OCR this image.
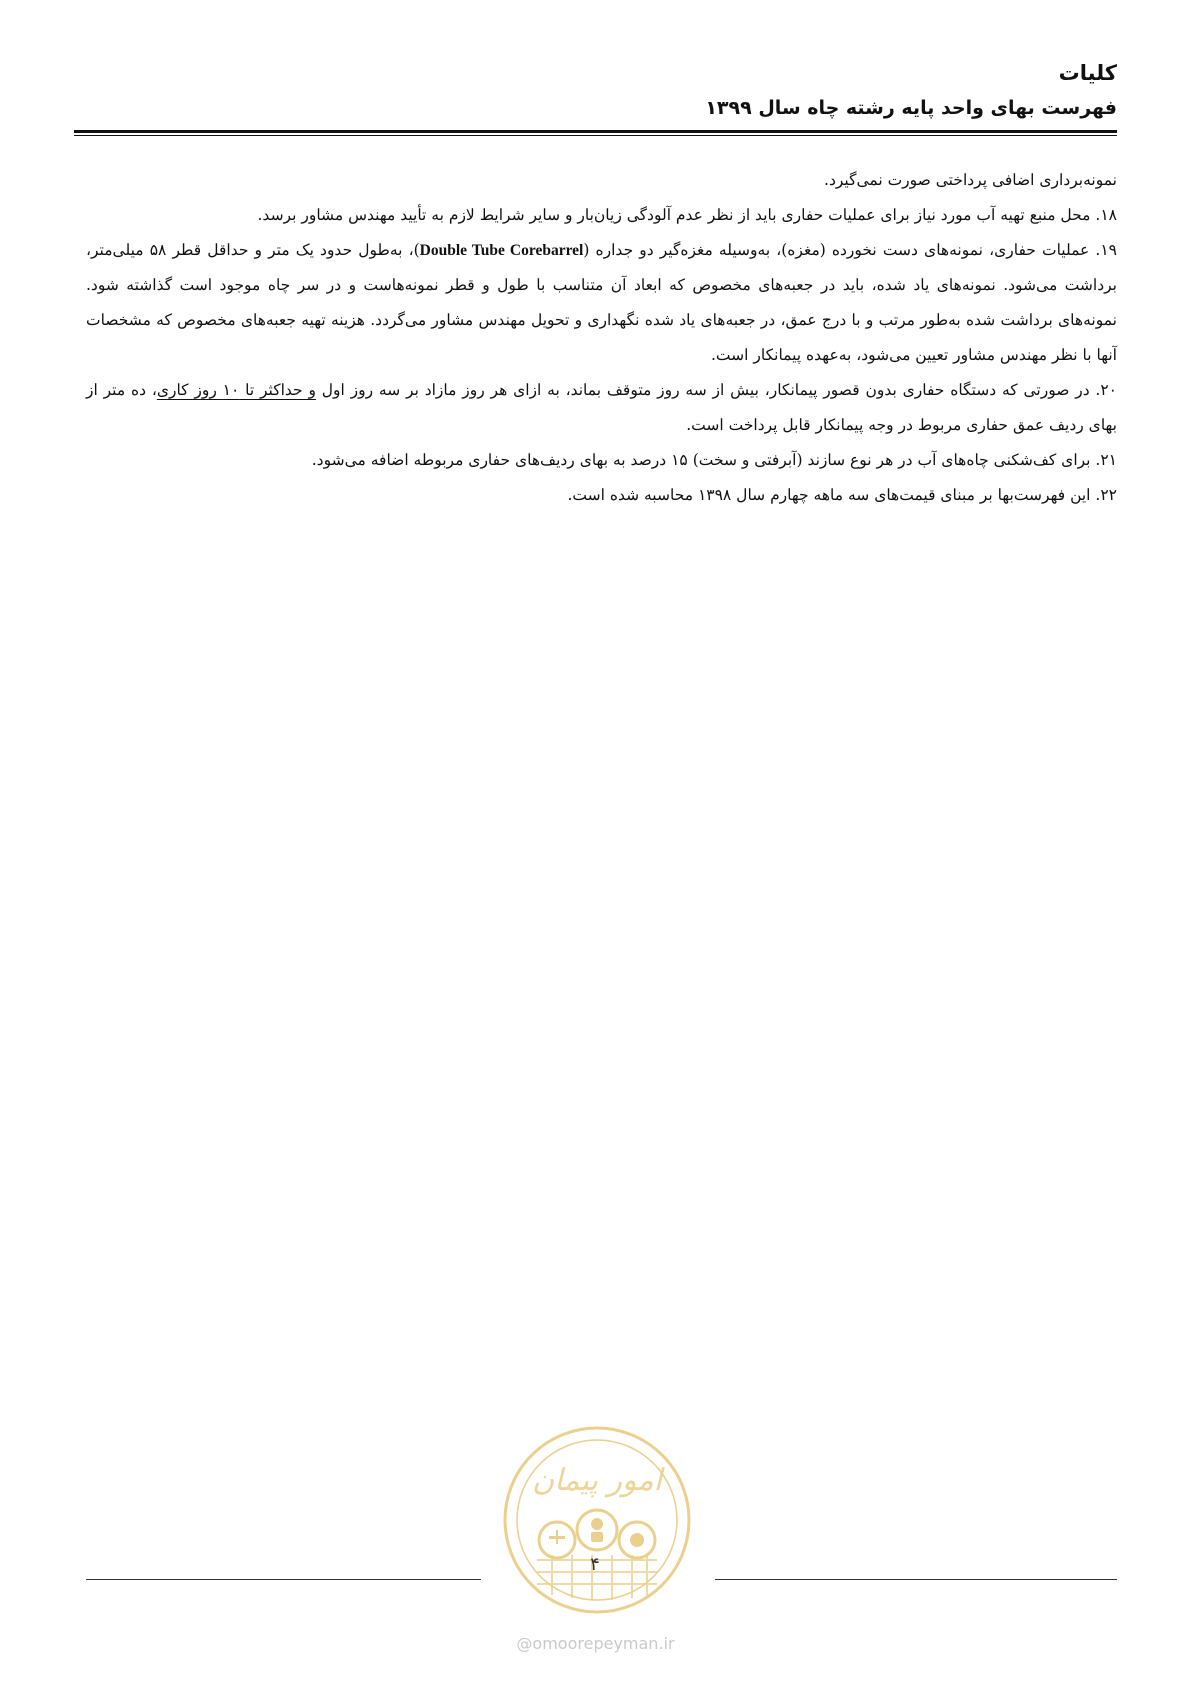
کلیات
فهرست بهای واحد پایه رشته چاه سال ۱۳۹۹

نمونه‌برداری اضافی پرداختی صورت نمی‌گیرد.

۱۸. محل منبع تهیه آب مورد نیاز برای عملیات حفاری باید از نظر عدم آلودگی زیان‌بار و سایر شرایط لازم به تأیید مهندس مشاور برسد.

۱۹. عملیات حفاری، نمونه‌های دست نخورده (مغزه)، به‌وسیله مغزه‌گیر دو جداره (Double Tube Corebarrel)، به‌طول حدود یک متر و حداقل قطر ۵۸ میلی‌متر، برداشت می‌شود. نمونه‌های یاد شده، باید در جعبه‌های مخصوص که ابعاد آن متناسب با طول و قطر نمونه‌هاست و در سر چاه موجود است گذاشته شود. نمونه‌های برداشت شده به‌طور مرتب و با درج عمق، در جعبه‌های یاد شده نگهداری و تحویل مهندس مشاور می‌گردد. هزینه تهیه جعبه‌های مخصوص که مشخصات آنها با نظر مهندس مشاور تعیین می‌شود، به‌عهده پیمانکار است.

۲۰. در صورتی که دستگاه حفاری بدون قصور پیمانکار، بیش از سه روز متوقف بماند، به ازای هر روز مازاد بر سه روز اول و حداکثر تا ۱۰ روز کاری، ده متر از بهای ردیف عمق حفاری مربوط در وجه پیمانکار قابل پرداخت است.

۲۱. برای کف‌شکنی چاه‌های آب در هر نوع سازند (آبرفتی و سخت) ۱۵ درصد به بهای ردیف‌های حفاری مربوطه اضافه می‌شود.

۲۲. این فهرست‌بها بر مبنای قیمت‌های سه ماهه چهارم سال ۱۳۹۸ محاسبه شده است.

امور پیمان
۴
@omoorepeyman.ir
